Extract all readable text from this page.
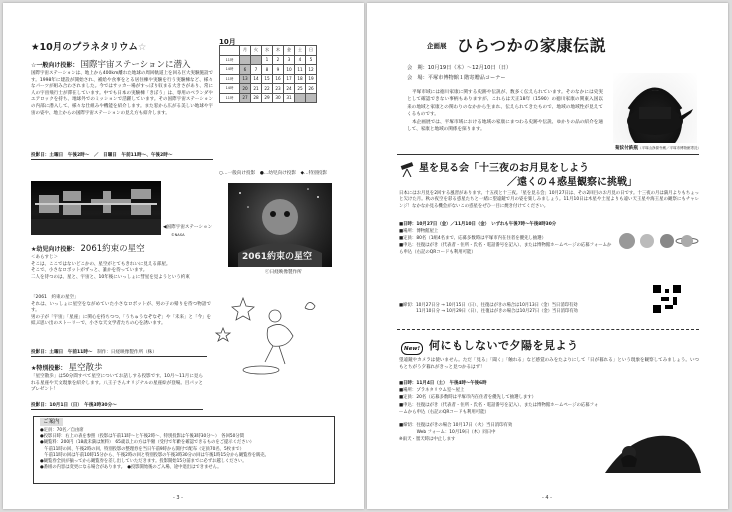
★10月のプラネタリウム☆
☆一般向け投影： 国際宇宙ステーションに潜入
国際宇宙ステーションは、地上から400km離れた地球の周回軌道上を回る巨大実験施設です。1998年に建設が開始され、補給や食事をとる居住棟や実験を行う実験棟など、様々なパーツが組み合わされました。今ではサッカー場がすっぽり収まる大きさがあり、常に人の宇宙飛行士が滞在しています。中でも日本の実験棟「きぼう」は、専用のベランダやエアロックを持ち、地球外でのミッションで活躍しています。その国際宇宙ステーションの内部に潜入して、様々な仕組みや機能を紹介します。また窓から広がる美しい地球や宇宙の姿や、地上からの国際宇宙ステーションの見え方も紹介します。
投影日：土曜日　午後2時～　／　日曜日　午前11時～、午後2時～
10月
	月	火	水	木	金	土	日
11時			1	2	3	4	5
14時	6	7	8	9	10	11	12
11時	13	14	15	16	17	18	19
14時	20	21	22	23	24	25	26
11時	27	28	29	30	31		
○…一般向け投影　●…幼児向け投影　◆…特別投影
◀国際宇宙ステーション
©NASA
2061約束の星空
ⓒ日経映像製作所
★幼児向け投影： 2061約束の星空
＜あらすじ＞
そこは、ここではないどこかの、星空がとてもきれいに見える部屋。
そこで、小さなロボットがずっと、誰かを待っています。
二人を待つのは、星と、宇宙と、10年後にいっしょに彗星を見ようという約束
「2061　約束の星空」
それは、いっしょに星空をながめていた小さなロボットが、男の子の帰りを待つ物語です。
男の子が「宇宙」「星座」に関心を持ちつつ、「うちゅうなぞなぞ」や「未来」と「今」を結ぶ思い出のストーリーで、小さな天文学者たちの心を誘います。
投影日：土曜日　午前11時～　 制作：日経映像製作所（株）
★特別投影： 星空散歩
「星空散歩」は50分間すべて星空についてお話しする投影です。10月～11月に見られる星座や天文現象を紹介します。八王子さんオリジナルの星座絵が登場。目パッとプレゼント！
投影日：10月1日（日）　午後3時30分～
ご案内
●定員：70名／自由席
●投影日時：右上の表を参照（投影は午前11時～と午後2時～、特別投影は午後3時30分～）　各回50分間
●観覧料：200円（18歳未満は無料）　65歳以上の方は半額（受付で年齢を確認できるものをご提示ください）
　午前11時の回、午後2時の回、特別投影の整理券を当日午前9時から開付で配布（定員70名、5枚まで）
　午前11時の回は午前10時15分から、午後2時の回と特別投影の午後3時30分の回は午後1時15分から観覧券を販売。
●観覧券全員が揃ってから観覧券を差し出していただきます。投影開始15分前までに必ずお越しください。
●番組の内容は変更になる場合があります。　●投影開始後のご入場、途中退出はできません。
- 3 -
企画展 ひらつかの家康伝説
会　期：10月19日（木）～12月10日（日）
会　場：平塚市博物館１階寄贈品コーナー

平塚市域には徳川家康に関する史跡や伝説が、数多く伝えられています。そのなかには史実として確認できない事柄もありますが、これらは天正18年（1590）の徳川家康の関東入国以来の地域と家康との関わりのなかから生まれ、伝えられてきたもので、地域の地域性が見えてくるものです。

本企画展では、平塚市域における地域の家康にまつわる史跡や伝説、ゆかりの品の紹介を通して、家康と地域の関係を探ります。

菊紋付鉄瓶（平塚山浄源寺蔵／平塚市博物館寄託）
星を見る会「十三夜のお月見をしよう
／遠くの４惑星観察に挑戦」
日本にはお月見を2回する風習があります。十五夜と十三夜。「星を見る会」10月27日は、その2回目のお月見の日です。十三夜の月は満月よりもちょっと欠けた月。秋の夜空を彩る惑星たちと一緒に望遠鏡で月の姿を楽しみましょう。11月10日は木星や土星よりも遠い天王星や海王星の観察にもチャレンジ！なかなか見る機会がないこの惑星をぜひ一目に焼き付けてください。
■日時：10月27日（金）／11月10日（金）　いずれも午後7時～午後8時30分
■場所：博物館屋上
■定員：80名（1組4名まで、応募多数時は平塚市内在住者を優先し抽選）
■申込：往復はがき（代表者・住所・氏名・電話番号を記入）、または博物館ホームページの応募フォームから申込（右記のQRコードも利用可能）
■締切：10月27日分 → 10月15日（日）、往復はがきの場合は10月13日（金）当日消印有効
　　　　11月10日分 → 10月29日（日）、往復はがきの場合は10月27日（金）当日消印有効
New! 何にもしないで夕陽を見よう
望遠鏡やカメラは使いません。ただ「見る」「聞く」「触れる」など感覚のみをたよりにして「日が暮れる」という現象を観察してみましょう。いつもとちがう夕暮れがきっと見つかるはず！
■日時：11月4日（土）　午後4時～午後6時
■場所：プラネタリウム室～屋上
■定員：20名（応募多数時は平塚市内在住者を優先して抽選します）
■申込：往復はがき（代表者・住所・氏名・電話番号を記入）、または博物館ホームページの応募フォームから申込（右記のQRコードも利用可能）
■締切：往復はがきの場合 10月17日（火）当日消印有効
　　　　Web フォーム：10月19日（木）同日中
※雨天・曇天時は中止します
- 4 -
